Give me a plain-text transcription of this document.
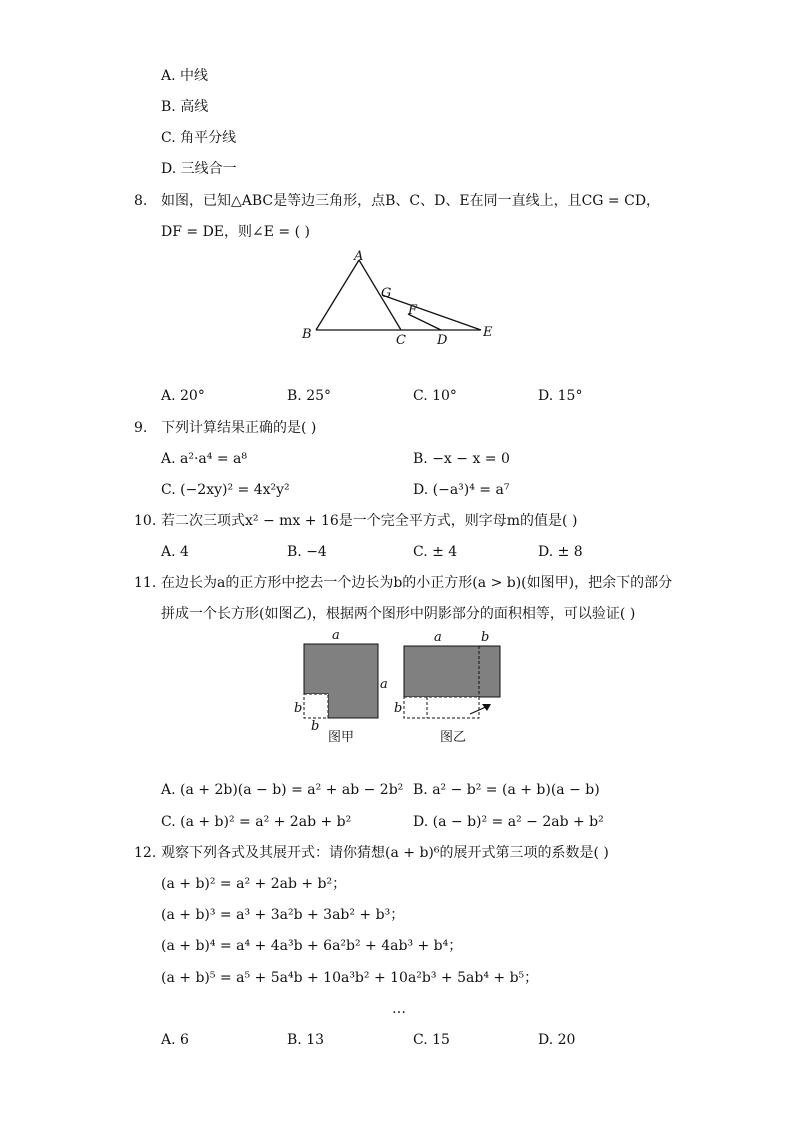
A. 中线
B. 高线
C. 角平分线
D. 三线合一
8. 如图，已知△ABC是等边三角形，点B、C、D、E在同一直线上，且CG = CD，
DF = DE，则∠E = ( )
A
B	C D
E
F
G
A. 20°	B. 25°	C. 10°	D. 15°
9. 下列计算结果正确的是( )
A. a²·a⁴ = a⁸	B. −x − x = 0
C. (−2xy)² = 4x²y²	D. (−a³)⁴ = a⁷
10. 若二次三项式x² − mx + 16是一个完全平方式，则字母m的值是( )
A. 4	B. −4	C. ± 4	D. ± 8
11. 在边长为a的正方形中挖去一个边长为b的小正方形(a > b)(如图甲)，把余下的部分
拼成一个长方形(如图乙)，根据两个图形中阴影部分的面积相等，可以验证( )
a
a
b
b
图甲
a	b
b
图乙
A. (a + 2b)(a − b) = a² + ab − 2b² B. a² − b² = (a + b)(a − b)
C. (a + b)² = a² + 2ab + b²	D. (a − b)² = a² − 2ab + b²
12. 观察下列各式及其展开式：请你猜想(a + b)⁶的展开式第三项的系数是( )
(a + b)² = a² + 2ab + b²；
(a + b)³ = a³ + 3a²b + 3ab² + b³；
(a + b)⁴ = a⁴ + 4a³b + 6a²b² + 4ab³ + b⁴；
(a + b)⁵ = a⁵ + 5a⁴b + 10a³b² + 10a²b³ + 5ab⁴ + b⁵；
…
A. 6	B. 13	C. 15	D. 20
